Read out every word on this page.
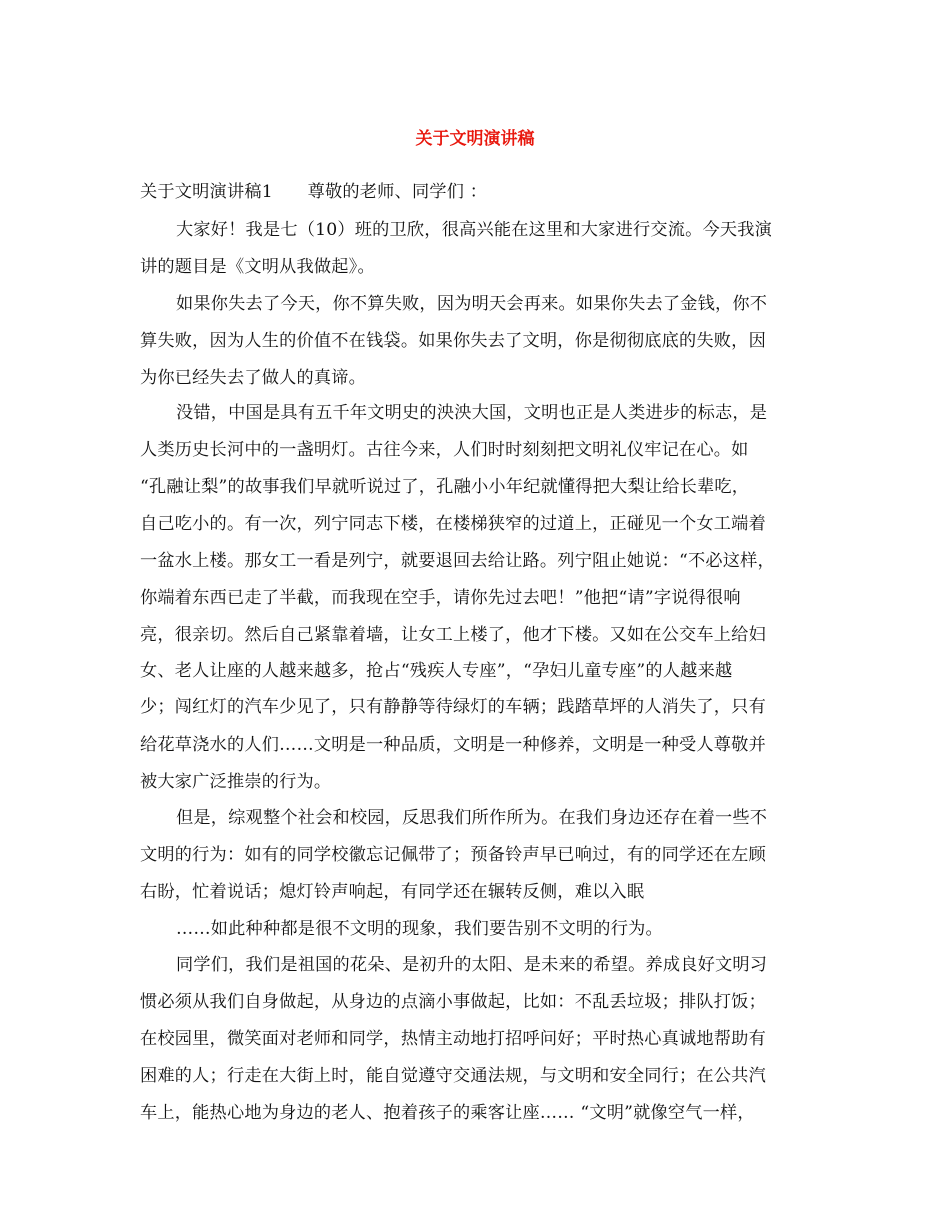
关于文明演讲稿
关于文明演讲稿1　　尊敬的老师、同学们 ：
大家好！我是七（10）班的卫欣，很高兴能在这里和大家进行交流。今天我演
讲的题目是《文明从我做起》。
如果你失去了今天，你不算失败，因为明天会再来。如果你失去了金钱，你不
算失败，因为人生的价值不在钱袋。如果你失去了文明，你是彻彻底底的失败，因
为你已经失去了做人的真谛。
没错，中国是具有五千年文明史的泱泱大国，文明也正是人类进步的标志，是
人类历史长河中的一盏明灯。古往今来，人们时时刻刻把文明礼仪牢记在心。如
“孔融让梨”的故事我们早就听说过了，孔融小小年纪就懂得把大梨让给长辈吃，
自己吃小的。有一次，列宁同志下楼，在楼梯狭窄的过道上，正碰见一个女工端着
一盆水上楼。那女工一看是列宁，就要退回去给让路。列宁阻止她说：“不必这样，
你端着东西已走了半截，而我现在空手，请你先过去吧！”他把“请”字说得很响
亮，很亲切。然后自己紧靠着墙，让女工上楼了，他才下楼。又如在公交车上给妇
女、老人让座的人越来越多，抢占“残疾人专座”，“孕妇儿童专座”的人越来越
少；闯红灯的汽车少见了，只有静静等待绿灯的车辆；践踏草坪的人消失了，只有
给花草浇水的人们……文明是一种品质，文明是一种修养，文明是一种受人尊敬并
被大家广泛推崇的行为。
但是，综观整个社会和校园，反思我们所作所为。在我们身边还存在着一些不
文明的行为：如有的同学校徽忘记佩带了；预备铃声早已响过，有的同学还在左顾
右盼，忙着说话；熄灯铃声响起，有同学还在辗转反侧，难以入眠
……如此种种都是很不文明的现象，我们要告别不文明的行为。
同学们，我们是祖国的花朵、是初升的太阳、是未来的希望。养成良好文明习
惯必须从我们自身做起，从身边的点滴小事做起，比如：不乱丢垃圾；排队打饭；
在校园里，微笑面对老师和同学，热情主动地打招呼问好；平时热心真诚地帮助有
困难的人；行走在大街上时，能自觉遵守交通法规，与文明和安全同行；在公共汽
车上，能热心地为身边的老人、抱着孩子的乘客让座…… “文明”就像空气一样，
